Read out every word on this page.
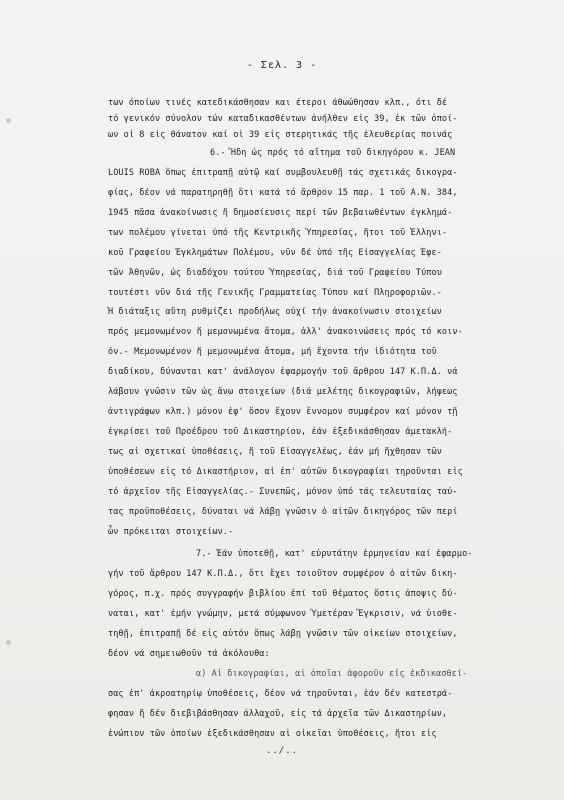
- Σελ. 3 -
των όποίων τινές κατεδικάσθησαν και έτεροι άθωώθησαν κλπ., ότι δέ
τό γενικόν σύνολον τών καταδικασθέντων ἀνήλθεν εἰς 39, ἐκ τῶν ὁποί-
ων οἱ 8 εἰς θάνατον καί οἱ 39 εἰς στερητικάς τῆς ἐλευθερίας ποινάς
6.- Ἤδη ὡς πρός τό αἴτημα τοῦ δικηγόρου κ. JEAN
LOUIS ROBA ὅπως ἐπιτραπῇ αὐτῷ καί συμβουλευθῇ τάς σχετικάς δικογρα-
φίας, δέον νά παρατηρηθῇ ὅτι κατά τό ἄρθρον 15 παρ. 1 τοῦ Α.Ν. 384,
1945 πᾶσα ἀνακοίνωσις ἤ δημοσίευσις περί τῶν βεβαιωθέντων ἐγκλημά-
των πολέμου γίνεται ὑπό τῆς Κεντρικῆς Ὑπηρεσίας, ἤτοι τοῦ Ἑλληνι-
κοῦ Γραφείου Ἐγκλημάτων Πολέμου, νῦν δέ ὑπό τῆς Εἰσαγγελίας Ἐφε-
τῶν Ἀθηνῶν, ὡς διαδόχου τούτου Ὑπηρεσίας, διά τοῦ Γραφείου Τύπου
τουτέστι νῦν διά τῆς Γενικῆς Γραμματείας Τύπου καί Πληροφοριῶν.-
Ἡ διάταξις αὕτη ρυθμίζει προδήλως οὐχί τήν ἀνακοίνωσιν στοιχείων
πρός μεμονωμένον ἤ μεμονωμένα ἄτομα, ἀλλ' ἀνακοινώσεις πρός τό κοιν-
όν.- Μεμονωμένον ἤ μεμονωμένα ἄτομα, μή ἔχοντα τήν ἰδιότητα τοῦ
διαδίκου, δύνανται κατ' ἀνάλογον ἐφαρμογήν τοῦ ἄρθρου 147 Κ.Π.Δ. νά
λάβουν γνῶσιν τῶν ὡς ἄνω στοιχείων (διά μελέτης δικογραφιῶν, λήψεως
ἀντιγράφων κλπ.) μόνον ἐφ' ὅσον ἔχουν ἔννομον συμφέρον καί μόνον τῇ
ἐγκρίσει τοῦ Προέδρου τοῦ Δικαστηρίου, ἐάν ἐξεδικάσθησαν ἀμετακλή-
τως αἱ σχετικαί ὑποθέσεις, ἤ τοῦ Εἰσαγγελέως, ἐάν μή ἤχθησαν τῶν
ὑποθέσεων εἰς τό Δικαστήριον, αἱ ἐπ' αὐτῶν δικογραφίαι τηροῦνται εἰς
τό ἀρχεῖον τῆς Εἰσαγγελίας.- Συνεπῶς, μόνον ὑπό τάς τελευταίας ταύ-
τας προϋποθέσεις, δύναται νά λάβῃ γνῶσιν ὁ αἰτῶν δικηγόρος τῶν περί
ὧν πρόκειται στοιχείων.-
7.- Ἐάν ὑποτεθῇ, κατ' εὐρυτάτην ἑρμηνείαν καί ἐφαρμο-
γήν τοῦ ἄρθρου 147 Κ.Π.Δ., ὅτι ἔχει τοιοῦτον συμφέρον ὁ αἰτῶν δικη-
γόρος, π.χ. πρός συγγραφήν βιβλίου ἐπί τοῦ θέματος ὅστις ἀποψις δύ-
ναται, κατ' ἐμήν γνώμην, μετά σύμφωνον Ὑμετέραν Ἔγκρισιν, νά ὑιοθε-
τηθῇ, ἐπιτραπῇ δέ εἰς αὐτόν ὅπως λάβῃ γνῶσιν τῶν οἰκείων στοιχείων,
δέον νά σημειωθοῦν τά ἀκόλουθα:
α) Αἱ δικογραφίαι, αἱ ὁποῖαι ἀφοροῦν εἰς ἐκδικασθεί-
σας ἐπ' ἀκροατηρίῳ ὑποθέσεις, δέον νά τηροῦνται, ἐάν δέν κατεστρά-
φησαν ἤ δέν διεβιβάσθησαν ἀλλαχοῦ, εἰς τά ἀρχεῖα τῶν Δικαστηρίων,
ἐνώπιον τῶν ὁποίων ἐξεδικάσθησαν αἱ οἰκεῖαι ὑποθέσεις, ἤτοι εἰς
../..
